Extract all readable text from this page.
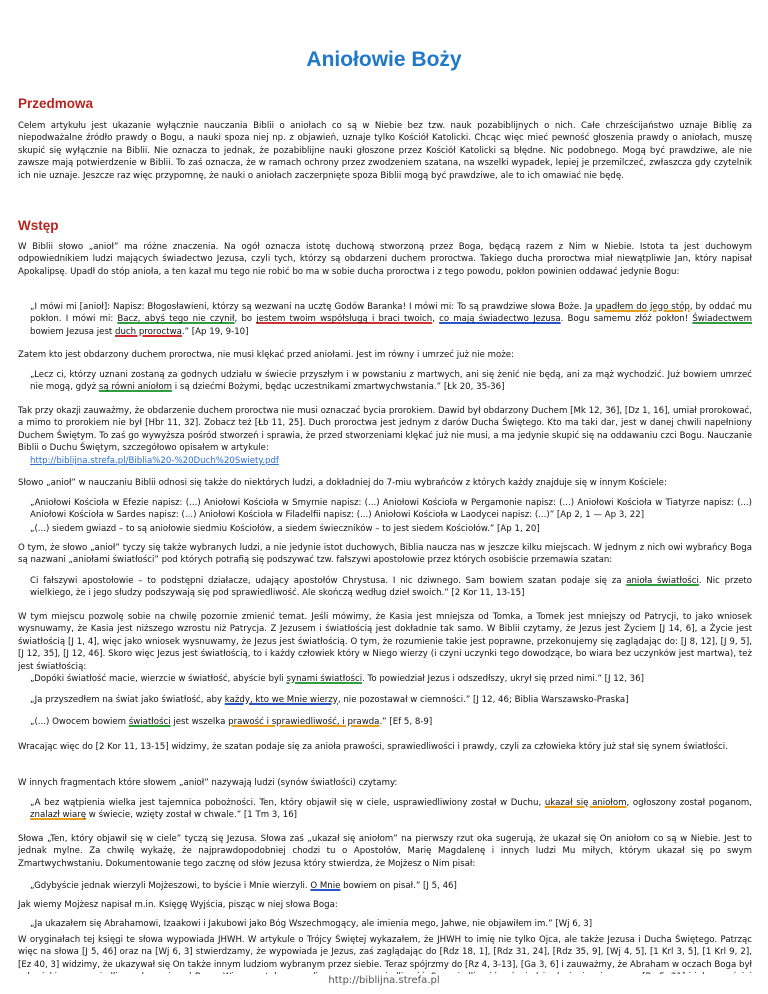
Aniołowie Boży
Przedmowa

Celem artykułu jest ukazanie wyłącznie nauczania Biblii o aniołach co są w Niebie bez tzw. nauk pozabiblijnych o nich. Całe chrześcijaństwo uznaje Biblię za niepodważalne źródło prawdy o Bogu, a nauki spoza niej np. z objawień, uznaje tylko Kościół Katolicki. Chcąc więc mieć pewność głoszenia prawdy o aniołach, muszę skupić się wyłącznie na Biblii. Nie oznacza to jednak, że pozabiblijne nauki głoszone przez Kościół Katolicki są błędne. Nic podobnego. Mogą być prawdziwe, ale nie zawsze mają potwierdzenie w Biblii. To zaś oznacza, że w ramach ochrony przez zwodzeniem szatana, na wszelki wypadek, lepiej je przemilczeć, zwłaszcza gdy czytelnik ich nie uznaje. Jeszcze raz więc przypomnę, że nauki o aniołach zaczerpnięte spoza Biblii mogą być prawdziwe, ale to ich omawiać nie będę.

Wstęp

W Biblii słowo „anioł” ma różne znaczenia. Na ogół oznacza istotę duchową stworzoną przez Boga, będącą razem z Nim w Niebie. Istota ta jest duchowym odpowiednikiem ludzi mających świadectwo Jezusa, czyli tych, którzy są obdarzeni duchem proroctwa. Takiego ducha proroctwa miał niewątpliwie Jan, który napisał Apokalipsę. Upadł do stóp anioła, a ten kazał mu tego nie robić bo ma w sobie ducha proroctwa i z tego powodu, pokłon powinien oddawać jedynie Bogu:

„I mówi mi [anioł]: Napisz: Błogosławieni, którzy są wezwani na ucztę Godów Baranka! I mówi mi: To są prawdziwe słowa Boże. Ja upadłem do jego stóp, by oddać mu pokłon. I mówi mi: Bacz, abyś tego nie czynił, bo jestem twoim współsługą i braci twoich, co mają świadectwo Jezusa. Bogu samemu złóż pokłon! Świadectwem bowiem Jezusa jest duch proroctwa.” [Ap 19, 9-10]

Zatem kto jest obdarzony duchem proroctwa, nie musi klękać przed aniołami. Jest im równy i umrzeć już nie może:

„Lecz ci, którzy uznani zostaną za godnych udziału w świecie przyszłym i w powstaniu z martwych, ani się żenić nie będą, ani za mąż wychodzić. Już bowiem umrzeć nie mogą, gdyż są równi aniołom i są dziećmi Bożymi, będąc uczestnikami zmartwychwstania.” [Łk 20, 35-36]

Tak przy okazji zauważmy, że obdarzenie duchem proroctwa nie musi oznaczać bycia prorokiem. Dawid był obdarzony Duchem [Mk 12, 36], [Dz 1, 16], umiał prorokować, a mimo to prorokiem nie był [Hbr 11, 32]. Zobacz też [Łb 11, 25]. Duch proroctwa jest jednym z darów Ducha Świętego. Kto ma taki dar, jest w danej chwili napełniony Duchem Świętym. To zaś go wywyższa pośród stworzeń i sprawia, że przed stworzeniami klękać już nie musi, a ma jedynie skupić się na oddawaniu czci Bogu. Nauczanie Biblii o Duchu Świętym, szczegółowo opisałem w artykule:

http://biblijna.strefa.pl/Biblia%20-%20Duch%20Swiety.pdf

Słowo „anioł” w nauczaniu Biblii odnosi się także do niektórych ludzi, a dokładniej do 7-miu wybrańców z których każdy znajduje się w innym Kościele:

„Aniołowi Kościoła w Efezie napisz: (...) Aniołowi Kościoła w Smyrnie napisz: (...) Aniołowi Kościoła w Pergamonie napisz: (...) Aniołowi Kościoła w Tiatyrze napisz: (...) Aniołowi Kościoła w Sardes napisz: (...) Aniołowi Kościoła w Filadelfii napisz: (...) Aniołowi Kościoła w Laodycei napisz: (...)” [Ap 2, 1 — Ap 3, 22]

„(...) siedem gwiazd – to są aniołowie siedmiu Kościołów, a siedem świeczników – to jest siedem Kościołów.” [Ap 1, 20]

O tym, że słowo „anioł” tyczy się także wybranych ludzi, a nie jedynie istot duchowych, Biblia naucza nas w jeszcze kilku miejscach. W jednym z nich owi wybrańcy Boga są nazwani „aniołami światłości” pod których potrafią się podszywać tzw. fałszywi apostołowie przez których osobiście przemawia szatan:

Ci fałszywi apostołowie – to podstępni działacze, udający apostołów Chrystusa. I nic dziwnego. Sam bowiem szatan podaje się za anioła światłości. Nic przeto wielkiego, że i jego słudzy podszywają się pod sprawiedliwość. Ale skończą według dzieł swoich.” [2 Kor 11, 13-15]

W tym miejscu pozwolę sobie na chwilę pozornie zmienić temat. Jeśli mówimy, że Kasia jest mniejsza od Tomka, a Tomek jest mniejszy od Patrycji, to jako wniosek wysnuwamy, że Kasia jest niższego wzrostu niż Patrycja. Z Jezusem i światłością jest dokładnie tak samo. W Biblii czytamy, że Jezus jest Życiem [J 14, 6], a Życie jest światłością [J 1, 4], więc jako wniosek wysnuwamy, że Jezus jest światłością. O tym, że rozumienie takie jest poprawne, przekonujemy się zaglądając do: [J 8, 12], [J 9, 5], [J 12, 35], [J 12, 46]. Skoro więc Jezus jest światłością, to i każdy człowiek który w Niego wierzy (i czyni uczynki tego dowodzące, bo wiara bez uczynków jest martwa), też jest światłością:

„Dopóki światłość macie, wierzcie w światłość, abyście byli synami światłości. To powiedział Jezus i odszedłszy, ukrył się przed nimi.” [J 12, 36]

„Ja przyszedłem na świat jako światłość, aby każdy, kto we Mnie wierzy, nie pozostawał w ciemności.” [J 12, 46; Biblia Warszawsko-Praska]

„(...) Owocem bowiem światłości jest wszelka prawość i sprawiedliwość, i prawda.” [Ef 5, 8-9]

Wracając więc do [2 Kor 11, 13-15] widzimy, że szatan podaje się za anioła prawości, sprawiedliwości i prawdy, czyli za człowieka który już stał się synem światłości.

W innych fragmentach które słowem „anioł” nazywają ludzi (synów światłości) czytamy:

„A bez wątpienia wielka jest tajemnica pobożności. Ten, który objawił się w ciele, usprawiedliwiony został w Duchu, ukazał się aniołom, ogłoszony został poganom, znalazł wiarę w świecie, wzięty został w chwale.” [1 Tm 3, 16]

Słowa „Ten, który objawił się w ciele” tyczą się Jezusa. Słowa zaś „ukazał się aniołom” na pierwszy rzut oka sugerują, że ukazał się On aniołom co są w Niebie. Jest to jednak mylne. Za chwilę wykażę, że najprawdopodobniej chodzi tu o Apostołów, Marię Magdalenę i innych ludzi Mu miłych, którym ukazał się po swym Zmartwychwstaniu. Dokumentowanie tego zacznę od słów Jezusa który stwierdza, że Mojżesz o Nim pisał:

„Gdybyście jednak wierzyli Mojżeszowi, to byście i Mnie wierzyli. O Mnie bowiem on pisał.” [J 5, 46]

Jak wiemy Mojżesz napisał m.in. Księgę Wyjścia, pisząc w niej słowa Boga:

„Ja ukazałem się Abrahamowi, Izaakowi i Jakubowi jako Bóg Wszechmogący, ale imienia mego, Jahwe, nie objawiłem im.” [Wj 6, 3]

W oryginałach tej księgi te słowa wypowiada JHWH. W artykule o Trójcy Świętej wykazałem, że JHWH to imię nie tylko Ojca, ale także Jezusa i Ducha Świętego. Patrząc więc na słowa [J 5, 46] oraz na [Wj 6, 3] stwierdzamy, że wypowiada je Jezus, zaś zaglądając do [Rdz 18, 1], [Rdz 31, 24], [Rdz 35, 9], [Wj 4, 5], [1 Krl 3, 5], [1 Krl 9, 2], [Ez 40, 3] widzimy, że ukazywał się On także innym ludziom wybranym przez siebie. Teraz spójrzmy do [Rz 4, 3-13], [Ga 3, 6] i zauważmy, że Abraham w oczach Boga był

http://biblijna.strefa.pl
